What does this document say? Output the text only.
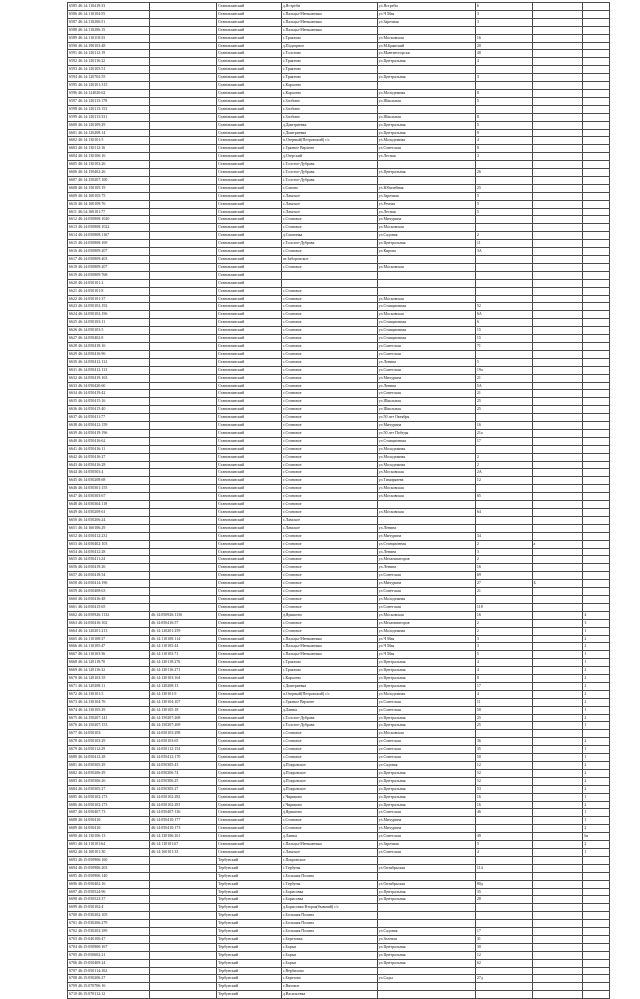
6585 46:14:110419:33		Становлянский	д.Ястреби	ул.Ястреби	6		
6586 46:14:110104:55		Становлянский	с.Пальцы-Меньшенько	ул.Ч Мая	3		
6587 46:14:110206:51		Становлянский	с.Пальцы-Меньшенько	ул.Заречная	3		
6588 46:14:110206:15		Становлянский	с.Пальцы-Меньшенько				
6589 46:14:110118:33		Становлянский	с.Трактово	ул.Московская	16		
6590 46:14:190103:48		Становлянский	д.Подгорное	ул.М.Брянский	20		
6591 46:14:120112:19		Становлянский	с.Толстово	ул.Мантитогорскя	40		
6592 46:14:120116:32		Становлянский	с.Трактово	ул.Центральная	4		
6593 46:14:120105:51		Становлянский	с.Трактово				
6594 46:14:120702:55		Становлянский	с.Трактово	ул.Центральная	3		
6595 46:14:120101:315		Становлянский	с.Карасево				
6596 46:14:124020:62		Становлянский	с.Карасево	ул.Молодежная	8		
6597 46:14:120113:178		Становлянский	с.Злобино	ул.Школьная	5		
6598 46:14:120113:153		Становлянский	с.Злобино				
6599 46:14:120113:331		Становлянский	с.Злобино	ул.Школьная	8		
6600 46:14:120109:29		Становлянский	д.Дмитриевка	ул.Центральная	5		
6601 46:14:120208:14		Становлянский	с.Дмитриевка	ул.Центральная	9		
6602 46:14:130101:5		Становлянский	п.Озерный(Петровский) с/с	ул.Молодежная	4		
6603 46:14:130112:16		Становлянский	с.Грязное Верхнее	ул.Советская	8		
6604 46:14:130106:16		Становлянский	д.Озерский	ул.Лесная	3		
6605 46:14:130103:26		Становлянский	с.Толстое-Дубрава				
6606 46:14:150402:26		Становлянский	с.Толстое-Дубрава	ул.Центральная	26		
6607 46:14:150207:100		Становлянский	с.Толстое-Дубрава				
6608 46:14:150105:19		Становлянский	с.Сапово	ул.Юбилейная	25		
6609 46:14:160105:75		Становлянский	с.Ламское	ул.Заречная	5		
6610 46:14:160109:76		Становлянский	с.Ламское	ул.Речная	5		
6611 46:14:160101:77		Становлянский	с.Ламское	ул.Лесная	5		
6612 46:14:050808:1620		Становлянский	с.Становое	ул.Мичурина			
6613 46:14:050808:1022		Становлянский	с.Становое	ул.Московская			
6614 46:14:050808:1167		Становлянский	д.Смагинка	ул.Садовая	2		
6615 46:14:050808:169		Становлянский	с.Толстое-Дубрава	ул.Центральная	11		
6616 46:14:050809:207		Становлянский	с.Становое	ул.Кирова	3А		
6617 46:14:050809:403		Становлянский	пт.Заборовское				
6618 46:14:050809:207		Становлянский	с.Становое	ул.Московская			
6619 46:14:050809:768		Становлянский					
6620 46:14:050101:2		Становлянский					
6621 46:14:050101:8		Становлянский	с.Становое				
6622 46:14:050101:37		Становлянский	с.Становое	ул.Московская			
6623 46:14:050102:192		Становлянский	с.Становое	ул.Станционная	52		
6624 46:14:050102:196		Становлянский	с.Становое	ул.Московская	6А		
6625 46:14:050103:11		Становлянский	с.Становое	ул.Станционная	6		
6626 46:14:050103:5		Становлянский	с.Становое	ул.Станционная	15		
6627 46:14:050402:8		Становлянский	с.Становое	ул.Станционная	15		
6628 46:14:050418:16		Становлянский	с.Становое	ул.Советская	71		
6629 46:14:050416:96		Становлянский	с.Становое	ул.Советская			
6630 46:14:050412:112		Становлянский	с.Становое	ул.Ленина	5		
6631 46:14:050412:113		Становлянский	с.Становое	ул.Советская	19а		
6632 46:14:050419:163		Становлянский	с.Становое	ул.Мичурина	21		
6633 46:14:050420:60		Становлянский	с.Становое	ул.Ленина	5А		
6634 46:14:050419:42		Становлянский	с.Становое	ул.Советская	21		
6635 46:14:050415:16		Становлянский	с.Становое	ул.Школьная	25		
6636 46:14:050415:40		Становлянский	с.Становое	ул.Школьная	25		
6637 46:14:050411:77		Становлянский	с.Становое	ул.50 лет Октября			
6638 46:14:050412:159		Становлянский	с.Становое	ул.Мичурина	16		
6639 46:14:050419:196		Становлянский	с.Становое	ул.50 лет Победы	21а		
6640 46:14:050416:62		Становлянский	с.Становое	ул.Станционная	17		
6641 46:14:050416:11		Становлянский	с.Становое	ул.Молодежная			
6642 46:14:050416:27		Становлянский	с.Становое	ул.Молодежная	2		
6643 46:14:050416:28		Становлянский	с.Становое	ул.Молодежная	2		
6644 46:14:050503:4		Становлянский	с.Становое	ул.Московская	2А		
6645 46:14:050208:68		Становлянский	с.Становое	ул.Тимирязева	12		
6646 46:14:050301:155		Становлянский	с.Становое	ул.Московская			
6647 46:14:050303:67		Становлянский	с.Становое	ул.Московская	65		
6648 46:14:050304:118		Становлянский	с.Становое				
6649 46:14:050209:61		Становлянский	с.Становое	ул.Московская	64		
6650 46:14:050206:24		Становлянский	с.Ламское				
6651 46:14:160106:29		Становлянский	с.Ламское	ул.Ленина			
6652 46:14:050412:231		Становлянский	с.Становое	ул.Мичурина	34		
6653 46:14:050402:103		Становлянский	с.Становое	ул.Станционная	2	а	
6654 46:14:050412:28		Становлянский	с.Становое	ул.Ленина	3		
6655 46:14:050411:24		Становлянский	с.Становое	ул.Механизаторов	2		
6656 46:14:050419:26		Становлянский	с.Становое	ул.Ленина	16		
6657 46:14:050418:54		Становлянский	с.Становое	ул.Советская	69		
6658 46:14:050414:196		Становлянский	с.Становое	ул.Мичурина	27	Б	
6659 46:14:050408:63		Становлянский	с.Становое	ул.Советская	21		
6660 46:14:050416:48		Становлянский	с.Становое	ул.Молодежная			
6661 46:14:050415:65		Становлянский	с.Становое	ул.Советская	118		
6662 46:14:050926:1132	46:14:050926:1136	Становлянский	д.Ярышево	ул.Московская	16		4
6663 46:14:050416:102	46:14:050416:57	Становлянский	с.Становое	ул.Механизаторов	2		3
6664 46:14:120201:213	46:14:120201:259	Становлянский	с.Становое	ул.Молодежная	2		1
6665 46:14:110108:37	46:14:110108:114	Становлянский	с.Пальцы-Меньшенько	ул.Ч Мая	3		2
6666 46:14:110105:47	46:14:110105:44	Становлянский	с.Пальцы-Меньшенько	ул.Ч Мая	3		2
6667 46:14:110103:36	46:14:110103:71	Становлянский	с.Пальцы-Меньшенько	ул.Ч Мая	5		1
6668 46:14:120118:70	46:14:120118:276	Становлянский	с.Трактово	ул.Центральная	4		1
6669 46:14:120116:32	46:14:120116:271	Становлянский	с.Трактово	ул.Центральная	4		2
6670 46:14:120103:35	46:14:120103:164	Становлянский	с.Карасево	ул.Центральная	8		2
6671 46:14:120208:11	46:14:120208:13	Становлянский	с.Дмитриевка	ул.Центральная	17		2
6672 46:14:130101:5	46:14:130101:9	Становлянский	п.Озерный(Петровский) с/с	ул.Молодежная	4		2
6673 46:14:130104:76	46:14:130104:107	Становлянский	с.Грязное Верхнее	ул.Советская	11		2
6674 46:14:130105:29	46:14:130105:18	Становлянский	д.Лавны	ул.Советская	50		1
6675 46:14:150207:141	46:14:150207:268	Становлянский	с.Толстое-Дубрава	ул.Центральная	25		2
6676 46:14:150207:153	46:14:150207:269	Становлянский	с.Толстое-Дубрава	ул.Центральная	25		1
6677 46:14:050103:	46:14:050103:298	Становлянский	с.Становое	ул.Московская			
6678 46:14:050103:29	46:14:050103:65	Становлянский	с.Становое	ул.Советская	36		2
6679 46:14:050112:29	46:14:050112:154	Становлянский	с.Становое	ул.Советская	35		1
6680 46:14:050412:28	46:14:050412:170	Становлянский	с.Становое	ул.Советская	50		1
6681 46:14:050305:29	46:14:050305:43	Становлянский	д.Покровское	ул.Садовая	12		2
6682 46:14:050206:29	46:14:050206:74	Становлянский	д.Покровское	ул.Центральная	52		2
6683 46:14:050306:26	46:14:050306:25	Становлянский	д.Покровское	ул.Центральная	52		2
6684 46:14:050305:27	46:14:050305:27	Становлянский	д.Покровское	ул.Центральная	53		2
6685 46:14:050102:173	46:14:050102:282	Становлянский	с.Чириково	ул.Центральная	16		1
6686 46:14:050102:173	46:14:050102:281	Становлянский	с.Чириково	ул.Центральная	16		2
6687 46:14:050407:73	46:14:050407:136	Становлянский	д.Ярышево	ул.Советская	46		1
6688 46:14:050410:	46:14:050410:177	Становлянский	с.Становое	ул.Мичурина			1
6689 46:14:050410:	46:14:050410:173	Становлянский	с.Становое	ул.Мичурина			2
6690 46:14:130106:13	46:14:130106:161	Становлянский	д.Лавны	ул.Советская	49		6а
6691 46:14:110101:64	46:14:110101:67	Становлянский	с.Пальцы-Меньшенько	ул.Заречная	5		2
6692 46:14:160101:30	46:14:160101:33	Становлянский	с.Ламское	ул.Советская	4		1
6693 46:15:050906:160		Тербунский	с.Покровское				
6694 46:15:050906:203		Тербунский	с.Тербуны	ул.Октябрьская	114		
6695 46:15:050906:140		Тербунский	с.Большая Поляна				
6696 46:15:050402:16		Тербунский	с.Тербуны	ул.Октябрьская	80д		
6697 46:15:050524:96		Тербунский	с.Борисовка	ул.Центральная	35		
6698 46:15:050523:37		Тербунский	с.Борисовка	ул.Центральная	28		
6699 46:15:050102:4		Тербунский	д.Борисовка Вторая(бывший) с/с				
6700 46:15:030202:105		Тербунский	с.Большая Поляна				
6701 46:15:030206:279		Тербунский	с.Большая Поляна				
6702 46:15:030203:189		Тербунский	с.Большая Поляна	ул.Садовая	17		
6703 46:15:040100:47		Тербунский	с.Березовка	ул.Зеленая	31		
6704 46:15:050900:167		Тербунский	с.Борки	ул.Центральная	30		
6705 46:15:050602:21		Тербунский	с.Борки	ул.Центральная	12		
6706 46:15:050409:24		Тербунский	с.Борки	ул.Центральная	62		
6707 46:15:050114:102		Тербунский	с.Вербилово				
6708 46:15:050206:27		Тербунский	с.Березово	ул.Сады	27д		
6709 46:15:070706:16		Тербунский	с.Вязовое				
6710 46:15:070112:12		Тербунский	д.Васильевка				
